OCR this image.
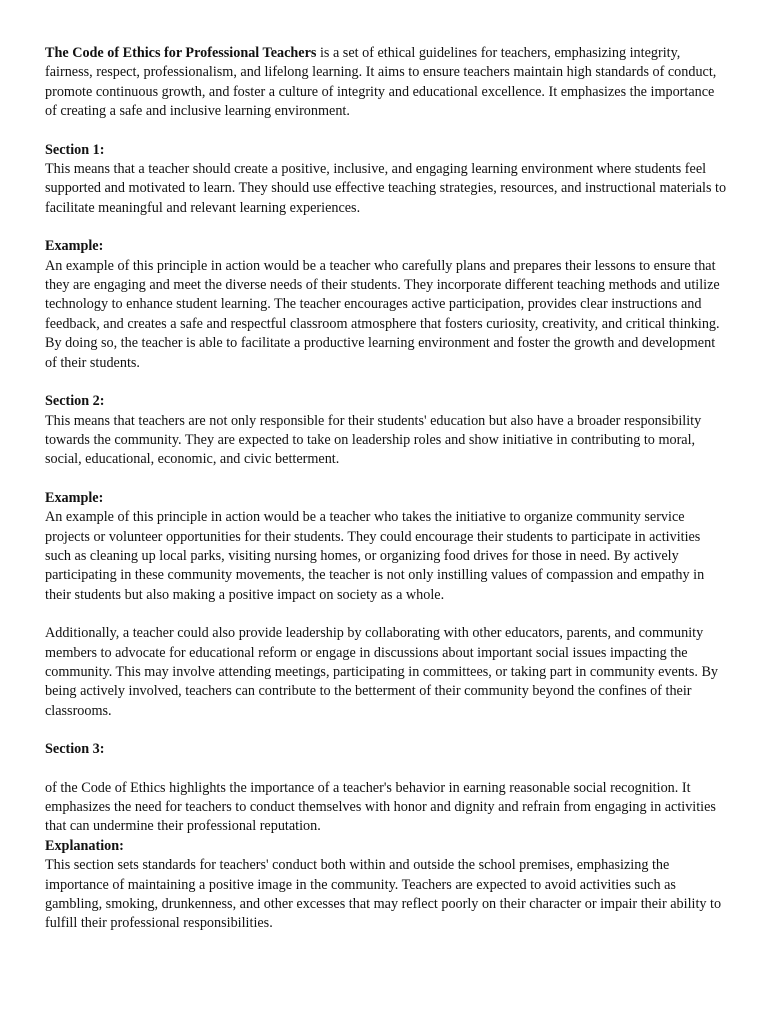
The Code of Ethics for Professional Teachers is a set of ethical guidelines for teachers, emphasizing integrity, fairness, respect, professionalism, and lifelong learning. It aims to ensure teachers maintain high standards of conduct, promote continuous growth, and foster a culture of integrity and educational excellence. It emphasizes the importance of creating a safe and inclusive learning environment.

Section 1:

This means that a teacher should create a positive, inclusive, and engaging learning environment where students feel supported and motivated to learn. They should use effective teaching strategies, resources, and instructional materials to facilitate meaningful and relevant learning experiences.

Example:

An example of this principle in action would be a teacher who carefully plans and prepares their lessons to ensure that they are engaging and meet the diverse needs of their students. They incorporate different teaching methods and utilize technology to enhance student learning. The teacher encourages active participation, provides clear instructions and feedback, and creates a safe and respectful classroom atmosphere that fosters curiosity, creativity, and critical thinking. By doing so, the teacher is able to facilitate a productive learning environment and foster the growth and development of their students.

Section 2:

This means that teachers are not only responsible for their students' education but also have a broader responsibility towards the community. They are expected to take on leadership roles and show initiative in contributing to moral, social, educational, economic, and civic betterment.

Example:

An example of this principle in action would be a teacher who takes the initiative to organize community service projects or volunteer opportunities for their students. They could encourage their students to participate in activities such as cleaning up local parks, visiting nursing homes, or organizing food drives for those in need. By actively participating in these community movements, the teacher is not only instilling values of compassion and empathy in their students but also making a positive impact on society as a whole.

Additionally, a teacher could also provide leadership by collaborating with other educators, parents, and community members to advocate for educational reform or engage in discussions about important social issues impacting the community. This may involve attending meetings, participating in committees, or taking part in community events. By being actively involved, teachers can contribute to the betterment of their community beyond the confines of their classrooms.

Section 3:

of the Code of Ethics highlights the importance of a teacher's behavior in earning reasonable social recognition. It emphasizes the need for teachers to conduct themselves with honor and dignity and refrain from engaging in activities that can undermine their professional reputation.

Explanation:

This section sets standards for teachers' conduct both within and outside the school premises, emphasizing the importance of maintaining a positive image in the community. Teachers are expected to avoid activities such as gambling, smoking, drunkenness, and other excesses that may reflect poorly on their character or impair their ability to fulfill their professional responsibilities.
